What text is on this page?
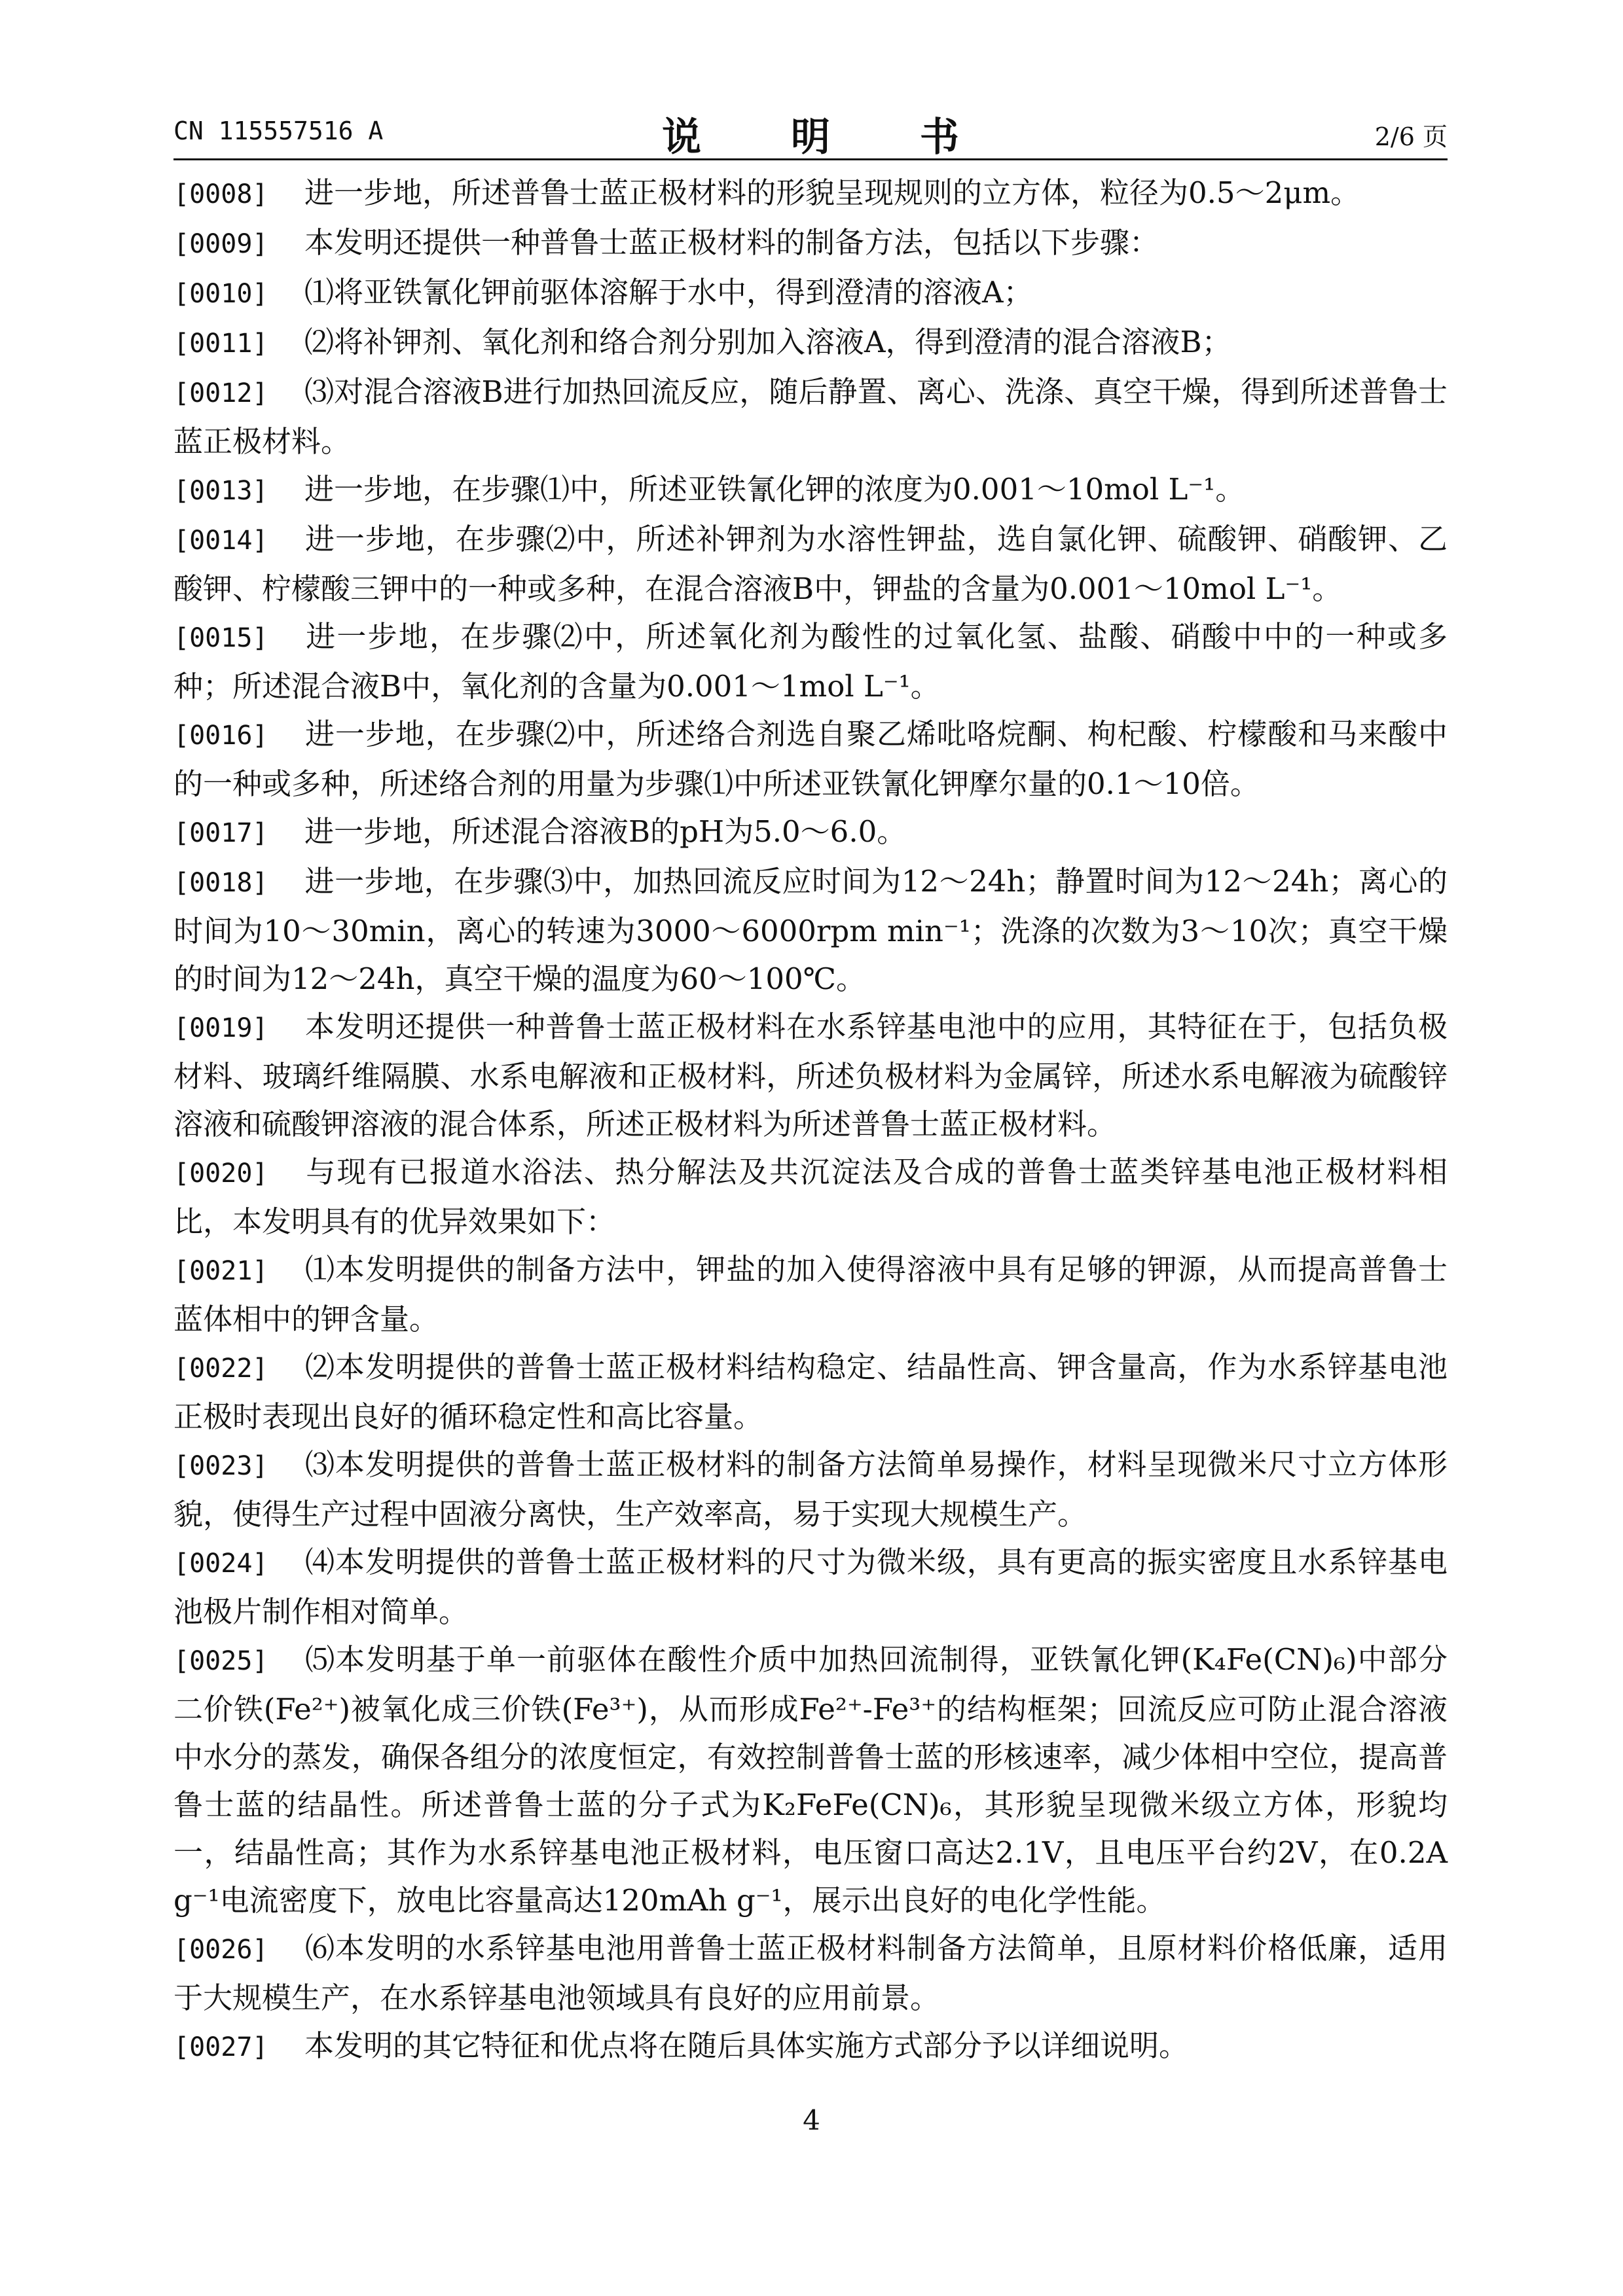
CN 115557516 A	说 明 书	2/6 页

[0008] 进一步地，所述普鲁士蓝正极材料的形貌呈现规则的立方体，粒径为0.5～2μm。

[0009] 本发明还提供一种普鲁士蓝正极材料的制备方法，包括以下步骤：

[0010] ⑴将亚铁氰化钾前驱体溶解于水中，得到澄清的溶液A；

[0011] ⑵将补钾剂、氧化剂和络合剂分别加入溶液A，得到澄清的混合溶液B；

[0012] ⑶对混合溶液B进行加热回流反应，随后静置、离心、洗涤、真空干燥，得到所述普鲁士蓝正极材料。

[0013] 进一步地，在步骤⑴中，所述亚铁氰化钾的浓度为0.001～10mol L⁻¹。

[0014] 进一步地，在步骤⑵中，所述补钾剂为水溶性钾盐，选自氯化钾、硫酸钾、硝酸钾、乙酸钾、柠檬酸三钾中的一种或多种，在混合溶液B中，钾盐的含量为0.001～10mol L⁻¹。

[0015] 进一步地，在步骤⑵中，所述氧化剂为酸性的过氧化氢、盐酸、硝酸中中的一种或多种；所述混合液B中，氧化剂的含量为0.001～1mol L⁻¹。

[0016] 进一步地，在步骤⑵中，所述络合剂选自聚乙烯吡咯烷酮、枸杞酸、柠檬酸和马来酸中的一种或多种，所述络合剂的用量为步骤⑴中所述亚铁氰化钾摩尔量的0.1～10倍。

[0017] 进一步地，所述混合溶液B的pH为5.0～6.0。

[0018] 进一步地，在步骤⑶中，加热回流反应时间为12～24h；静置时间为12～24h；离心的时间为10～30min，离心的转速为3000～6000rpm min⁻¹；洗涤的次数为3～10次；真空干燥的时间为12～24h，真空干燥的温度为60～100℃。

[0019] 本发明还提供一种普鲁士蓝正极材料在水系锌基电池中的应用，其特征在于，包括负极材料、玻璃纤维隔膜、水系电解液和正极材料，所述负极材料为金属锌，所述水系电解液为硫酸锌溶液和硫酸钾溶液的混合体系，所述正极材料为所述普鲁士蓝正极材料。

[0020] 与现有已报道水浴法、热分解法及共沉淀法及合成的普鲁士蓝类锌基电池正极材料相比，本发明具有的优异效果如下：

[0021] ⑴本发明提供的制备方法中，钾盐的加入使得溶液中具有足够的钾源，从而提高普鲁士蓝体相中的钾含量。

[0022] ⑵本发明提供的普鲁士蓝正极材料结构稳定、结晶性高、钾含量高，作为水系锌基电池正极时表现出良好的循环稳定性和高比容量。

[0023] ⑶本发明提供的普鲁士蓝正极材料的制备方法简单易操作，材料呈现微米尺寸立方体形貌，使得生产过程中固液分离快，生产效率高，易于实现大规模生产。

[0024] ⑷本发明提供的普鲁士蓝正极材料的尺寸为微米级，具有更高的振实密度且水系锌基电池极片制作相对简单。

[0025] ⑸本发明基于单一前驱体在酸性介质中加热回流制得，亚铁氰化钾(K₄Fe(CN)₆)中部分二价铁(Fe²⁺)被氧化成三价铁(Fe³⁺)，从而形成Fe²⁺-Fe³⁺的结构框架；回流反应可防止混合溶液中水分的蒸发，确保各组分的浓度恒定，有效控制普鲁士蓝的形核速率，减少体相中空位，提高普鲁士蓝的结晶性。所述普鲁士蓝的分子式为K₂FeFe(CN)₆，其形貌呈现微米级立方体，形貌均一，结晶性高；其作为水系锌基电池正极材料，电压窗口高达2.1V，且电压平台约2V，在0.2A g⁻¹电流密度下，放电比容量高达120mAh g⁻¹，展示出良好的电化学性能。

[0026] ⑹本发明的水系锌基电池用普鲁士蓝正极材料制备方法简单，且原材料价格低廉，适用于大规模生产，在水系锌基电池领域具有良好的应用前景。

[0027] 本发明的其它特征和优点将在随后具体实施方式部分予以详细说明。

4
